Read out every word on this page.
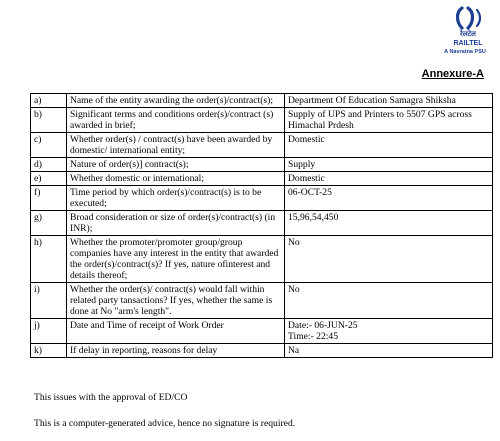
रेलटेल
RAILTEL
A Navratna PSU
Annexure-A
a)	Name of the entity awarding the order(s)/contract(s);	Department Of Education Samagra Shiksha
b)	Significant terms and conditions order(s)/contract (s) awarded in brief;	Supply of UPS and Printers to 5507 GPS across Himachal Prdesh
c)	Whether order(s) / contract(s) have been awarded by domestic/ international entity;	Domestic
d)	Nature of order(s)] contract(s);	Supply
e)	Whether domestic or international;	Domestic
f)	Time period by which order(s)/contract(s) is to be executed;	06-OCT-25
g)	Broad consideration or size of order(s)/contract(s) (in INR);	15,96,54,450
h)	Whether the promoter/promoter group/group companies have any interest in the entity that awarded the order(s)/contract(s)? If yes, nature ofinterest and details thereof;	No
i)	Whether the order(s)/ contract(s) would fall within related party tansactions? If yes, whether the same is done at No "arm's length".	No
j)	Date and Time of receipt of Work Order	Date:- 06-JUN-25
Time:- 22:45

k)	If delay in reporting, reasons for delay	Na
This issues with the approval of ED/CO
This is a computer-generated advice, hence no signature is required.
